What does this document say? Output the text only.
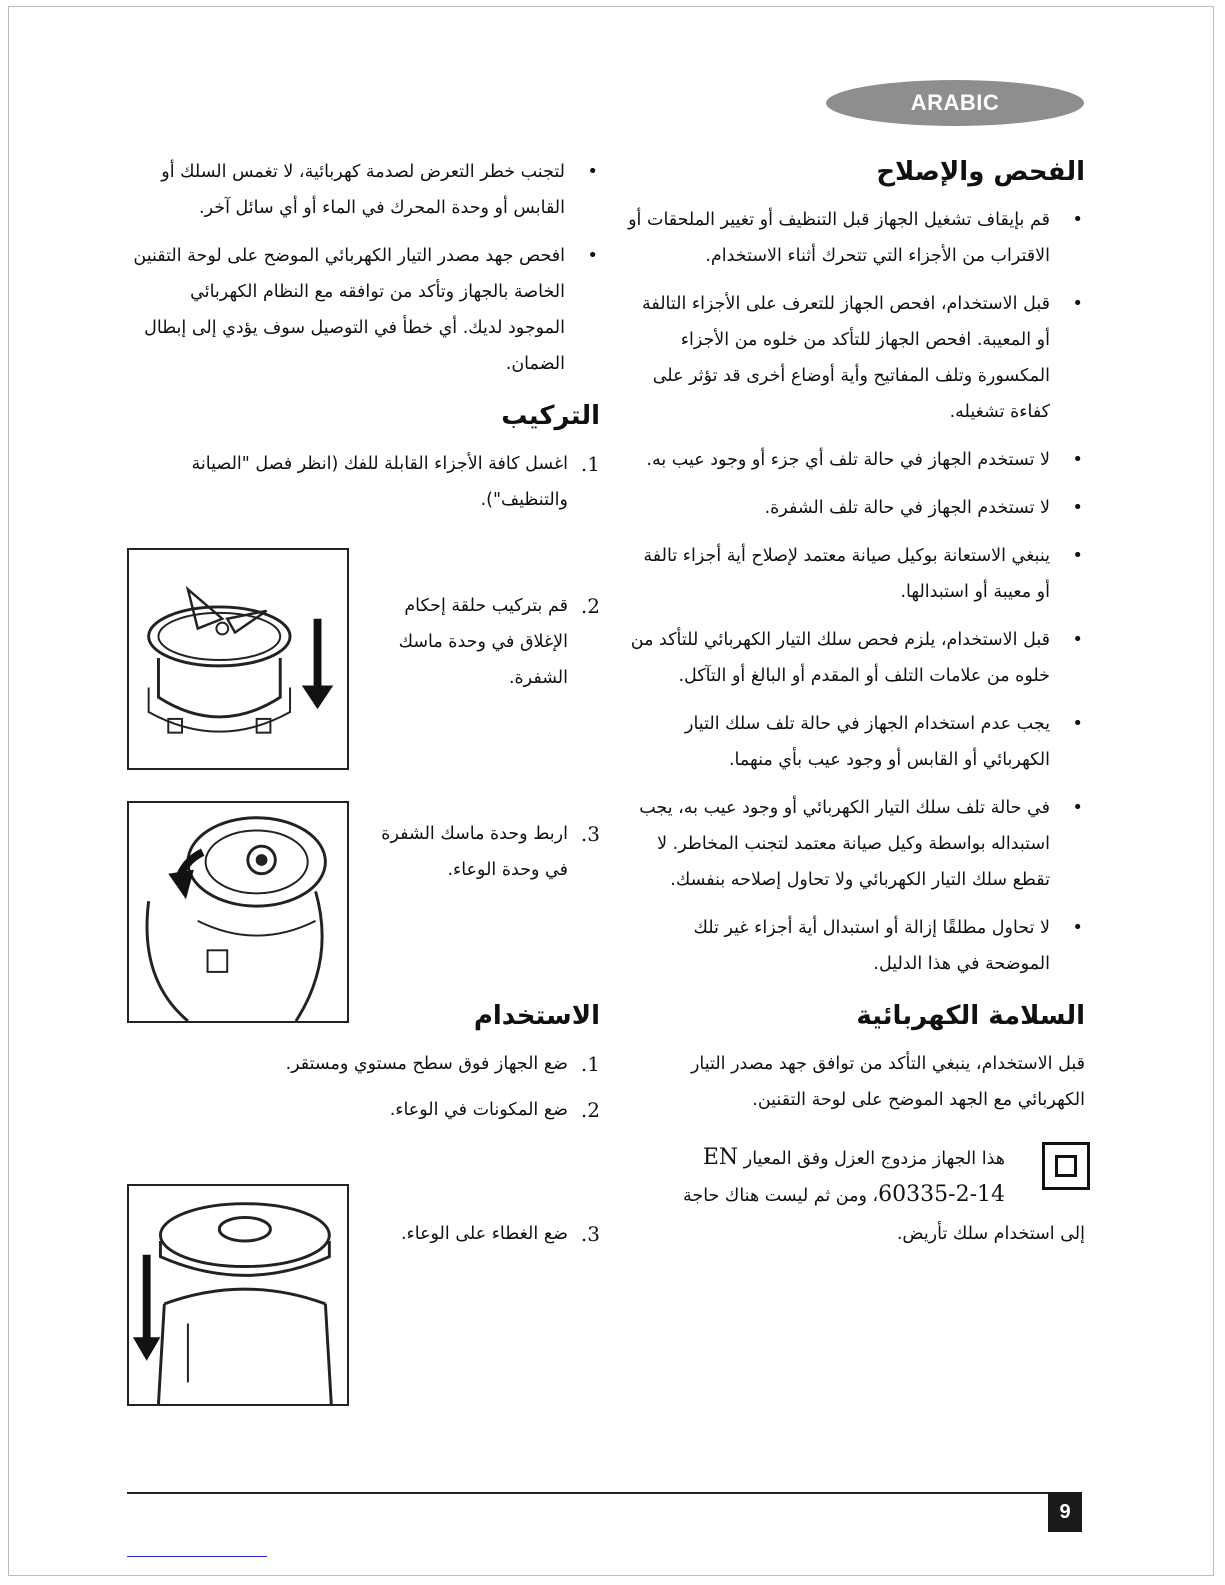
ARABIC
الفحص والإصلاح
• قم بإيقاف تشغيل الجهاز قبل التنظيف أو تغيير الملحقات أو الاقتراب من الأجزاء التي تتحرك أثناء الاستخدام.
• قبل الاستخدام، افحص الجهاز للتعرف على الأجزاء التالفة أو المعيبة. افحص الجهاز للتأكد من خلوه من الأجزاء المكسورة وتلف المفاتيح وأية أوضاع أخرى قد تؤثر على كفاءة تشغيله.
• لا تستخدم الجهاز في حالة تلف أي جزء أو وجود عيب به.
• لا تستخدم الجهاز في حالة تلف الشفرة.
• ينبغي الاستعانة بوكيل صيانة معتمد لإصلاح أية أجزاء تالفة أو معيبة أو استبدالها.
• قبل الاستخدام، يلزم فحص سلك التيار الكهربائي للتأكد من خلوه من علامات التلف أو المقدم أو البالغ أو التآكل.
• يجب عدم استخدام الجهاز في حالة تلف سلك التيار الكهربائي أو القابس أو وجود عيب بأي منهما.
• في حالة تلف سلك التيار الكهربائي أو وجود عيب به، يجب استبداله بواسطة وكيل صيانة معتمد لتجنب المخاطر. لا تقطع سلك التيار الكهربائي ولا تحاول إصلاحه بنفسك.
• لا تحاول مطلقًا إزالة أو استبدال أية أجزاء غير تلك الموضحة في هذا الدليل.
السلامة الكهربائية

قبل الاستخدام، ينبغي التأكد من توافق جهد مصدر التيار الكهربائي مع الجهد الموضح على لوحة التقنين.

هذا الجهاز مزدوج العزل وفق المعيار EN
60335-2-14، ومن ثم ليست هناك حاجة
إلى استخدام سلك تأريض.
• لتجنب خطر التعرض لصدمة كهربائية، لا تغمس السلك أو القابس أو وحدة المحرك في الماء أو أي سائل آخر.
• افحص جهد مصدر التيار الكهربائي الموضح على لوحة التقنين الخاصة بالجهاز وتأكد من توافقه مع النظام الكهربائي الموجود لديك. أي خطأ في التوصيل سوف يؤدي إلى إبطال الضمان.
التركيب
1.
اغسل كافة الأجزاء القابلة للفك (انظر فصل "الصيانة والتنظيف").
2.
قم بتركيب حلقة إحكام الإغلاق في وحدة ماسك الشفرة.
3.
اربط وحدة ماسك الشفرة في وحدة الوعاء.
الاستخدام
1.
ضع الجهاز فوق سطح مستوي ومستقر.
2.
ضع المكونات في الوعاء.
3.
ضع الغطاء على الوعاء.
9
